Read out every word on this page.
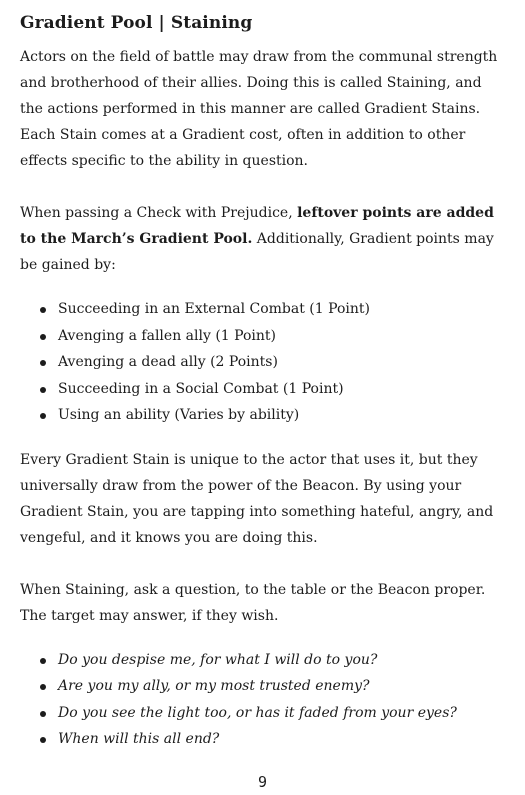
Gradient Pool | Staining

Actors on the field of battle may draw from the communal strength and brotherhood of their allies. Doing this is called Staining, and the actions performed in this manner are called Gradient Stains. Each Stain comes at a Gradient cost, often in addition to other effects specific to the ability in question.

When passing a Check with Prejudice, leftover points are added to the March’s Gradient Pool. Additionally, Gradient points may be gained by:

Succeeding in an External Combat (1 Point)
Avenging a fallen ally (1 Point)
Avenging a dead ally (2 Points)
Succeeding in a Social Combat (1 Point)
Using an ability (Varies by ability)

Every Gradient Stain is unique to the actor that uses it, but they universally draw from the power of the Beacon. By using your Gradient Stain, you are tapping into something hateful, angry, and vengeful, and it knows you are doing this.

When Staining, ask a question, to the table or the Beacon proper. The target may answer, if they wish.

Do you despise me, for what I will do to you?
Are you my ally, or my most trusted enemy?
Do you see the light too, or has it faded from your eyes?
When will this all end?
9
